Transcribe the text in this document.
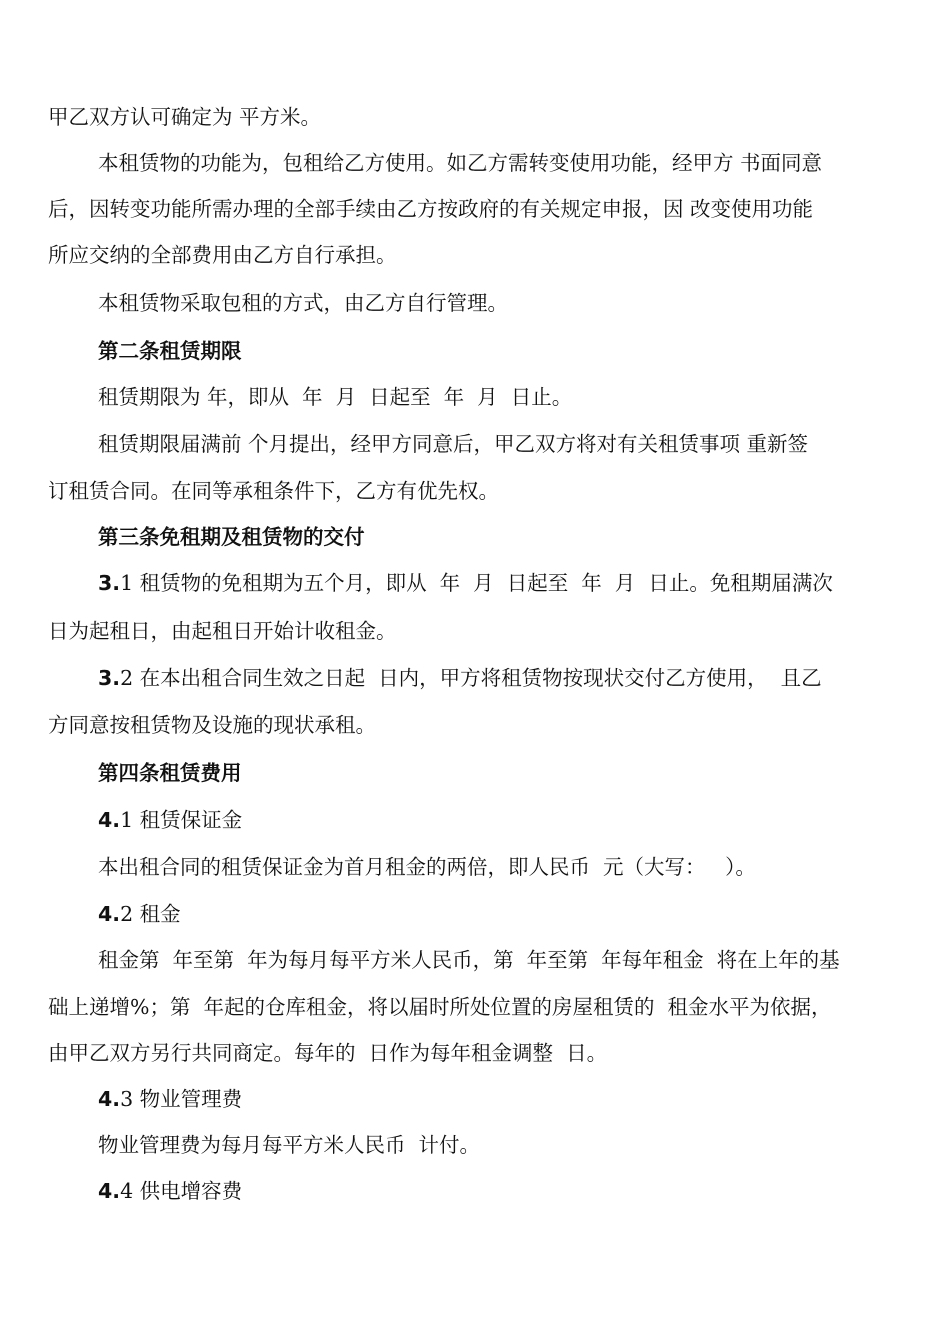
甲乙双方认可确定为 平方米。
本租赁物的功能为，包租给乙方使用。如乙方需转变使用功能，经甲方 书面同意
后，因转变功能所需办理的全部手续由乙方按政府的有关规定申报，因 改变使用功能
所应交纳的全部费用由乙方自行承担。
本租赁物采取包租的方式，由乙方自行管理。
第二条租赁期限
租赁期限为 年，即从  年  月  日起至  年  月  日止。
租赁期限届满前 个月提出，经甲方同意后，甲乙双方将对有关租赁事项 重新签
订租赁合同。在同等承租条件下，乙方有优先权。
第三条免租期及租赁物的交付
3.1 租赁物的免租期为五个月，即从  年  月  日起至  年  月  日止。免租期届满次
日为起租日，由起租日开始计收租金。
3.2 在本出租合同生效之日起  日内，甲方将租赁物按现状交付乙方使用，  且乙
方同意按租赁物及设施的现状承租。
第四条租赁费用
4.1 租赁保证金
本出租合同的租赁保证金为首月租金的两倍，即人民币  元（大写：   ）。
4.2 租金
租金第  年至第  年为每月每平方米人民币，第  年至第  年每年租金  将在上年的基
础上递增%；第  年起的仓库租金，将以届时所处位置的房屋租赁的  租金水平为依据，
由甲乙双方另行共同商定。每年的  日作为每年租金调整  日。
4.3 物业管理费
物业管理费为每月每平方米人民币  计付。
4.4 供电增容费
